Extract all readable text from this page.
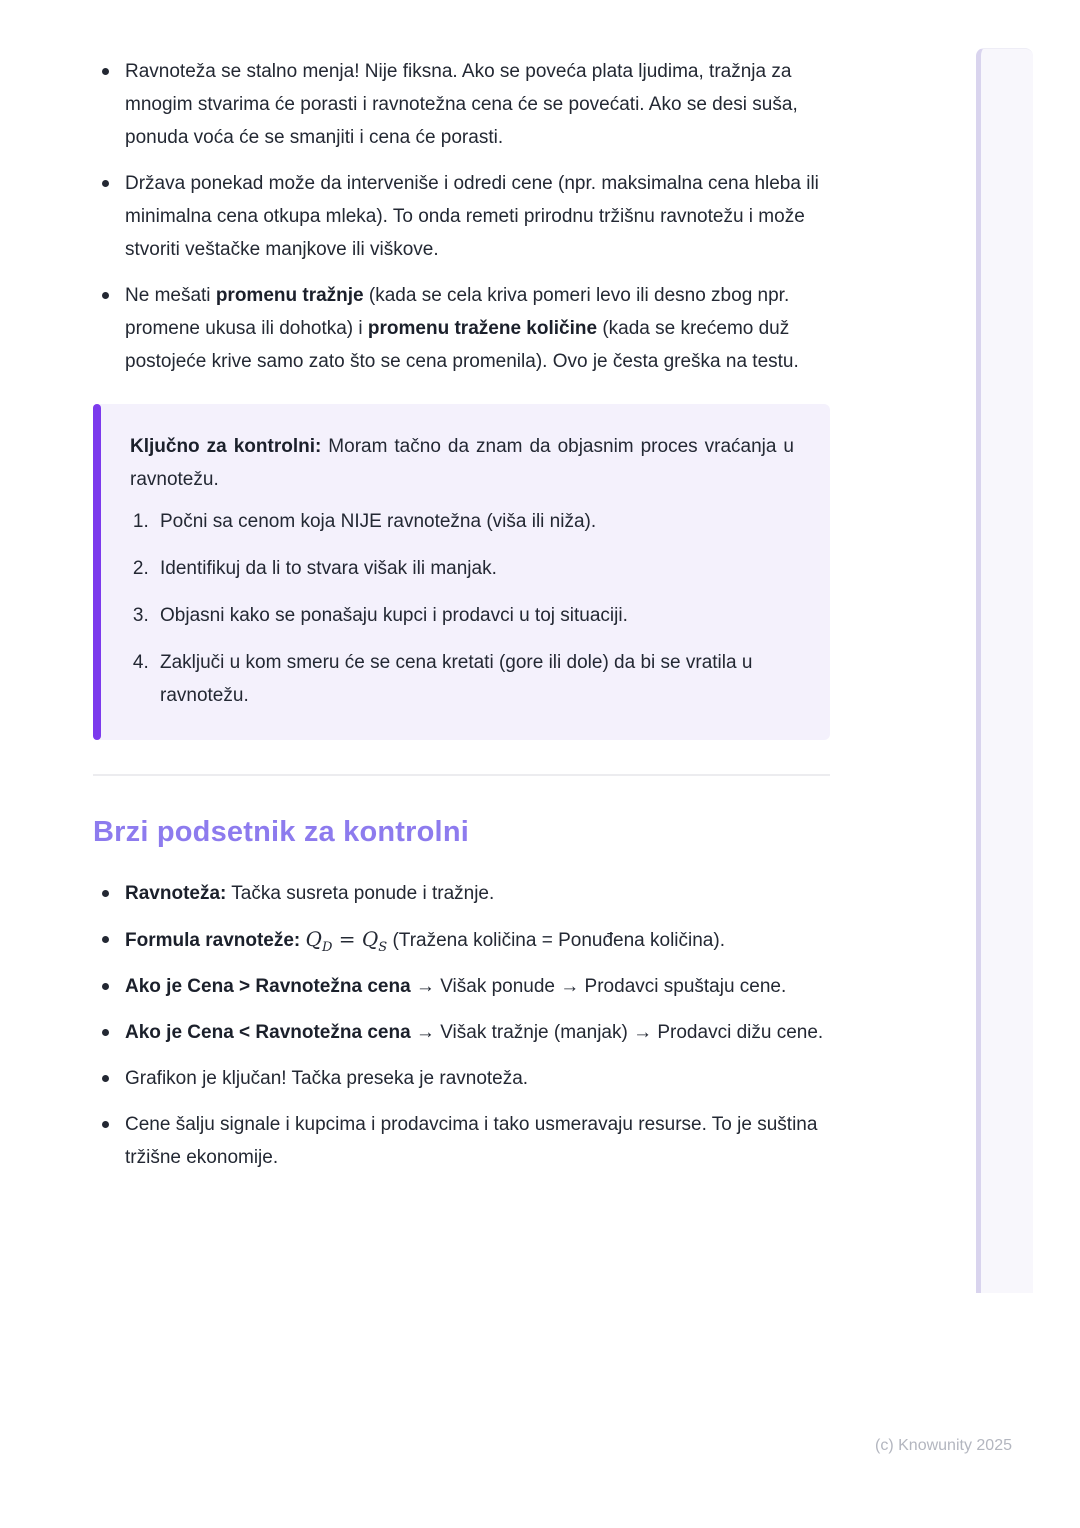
Ravnoteža se stalno menja! Nije fiksna. Ako se poveća plata ljudima, tražnja za mnogim stvarima će porasti i ravnotežna cena će se povećati. Ako se desi suša, ponuda voća će se smanjiti i cena će porasti.
Država ponekad može da interveniše i odredi cene (npr. maksimalna cena hleba ili minimalna cena otkupa mleka). To onda remeti prirodnu tržišnu ravnotežu i može stvoriti veštačke manjkove ili viškove.
Ne mešati promenu tražnje (kada se cela kriva pomeri levo ili desno zbog npr. promene ukusa ili dohotka) i promenu tražene količine (kada se krećemo duž postojeće krive samo zato što se cena promenila). Ovo je česta greška na testu.

Ključno za kontrolni: Moram tačno da znam da objasnim proces vraćanja u ravnotežu.

1. Počni sa cenom koja NIJE ravnotežna (viša ili niža).
2. Identifikuj da li to stvara višak ili manjak.
3. Objasni kako se ponašaju kupci i prodavci u toj situaciji.
4. Zaključi u kom smeru će se cena kretati (gore ili dole) da bi se vratila u ravnotežu.
Brzi podsetnik za kontrolni
Ravnoteža: Tačka susreta ponude i tražnje.
Formula ravnoteže: $Q_D = Q_S$ (Tražena količina = Ponuđena količina).
Ako je Cena > Ravnotežna cena → Višak ponude → Prodavci spuštaju cene.
Ako je Cena < Ravnotežna cena → Višak tražnje (manjak) → Prodavci dižu cene.
Grafikon je ključan! Tačka preseka je ravnoteža.
Cene šalju signale i kupcima i prodavcima i tako usmeravaju resurse. To je suština tržišne ekonomije.
(c) Knowunity 2025
